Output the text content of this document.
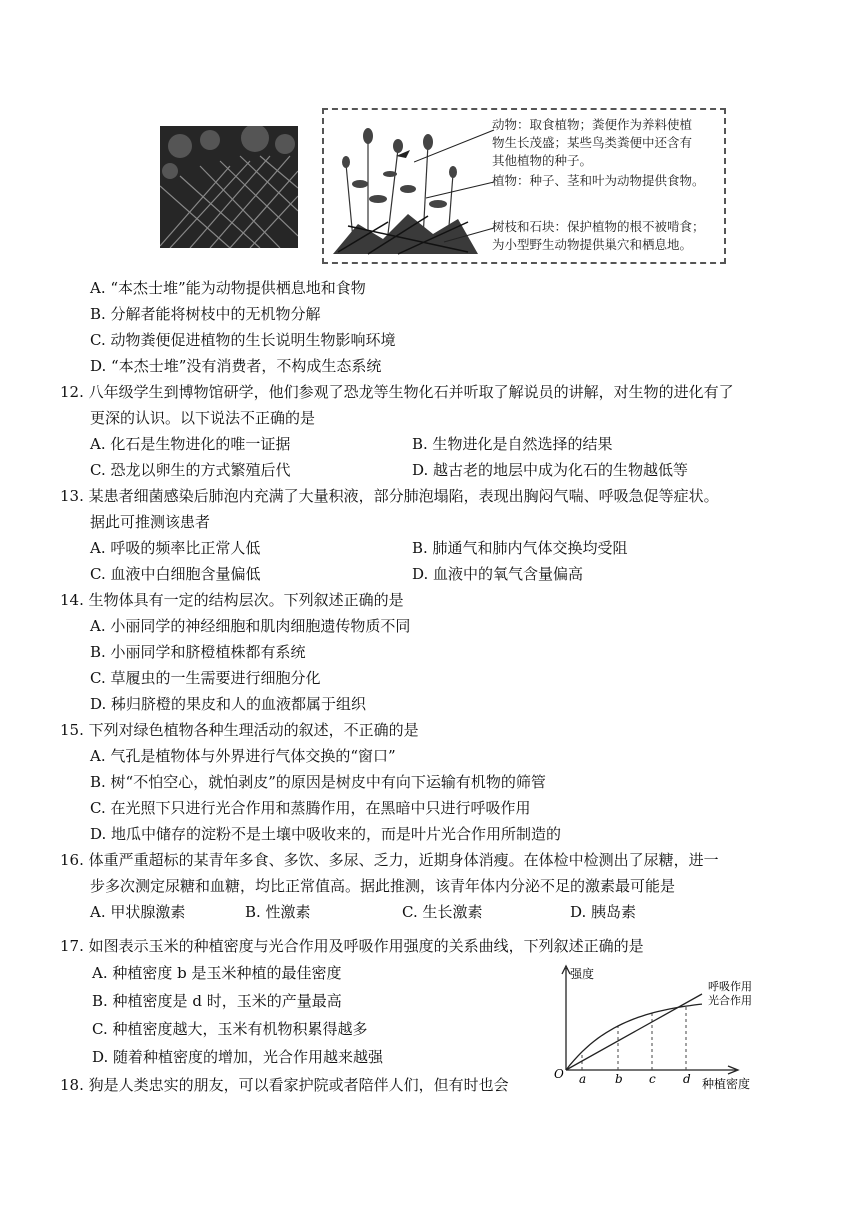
动物：取食植物；粪便作为养料使植
物生长茂盛；某些鸟类粪便中还含有
其他植物的种子。
植物：种子、茎和叶为动物提供食物。
树枝和石块：保护植物的根不被啃食；
为小型野生动物提供巢穴和栖息地。
A. “本杰士堆”能为动物提供栖息地和食物
B. 分解者能将树枝中的无机物分解
C. 动物粪便促进植物的生长说明生物影响环境
D. “本杰士堆”没有消费者，不构成生态系统
12. 八年级学生到博物馆研学，他们参观了恐龙等生物化石并听取了解说员的讲解，对生物的进化有了
更深的认识。以下说法不正确的是
A. 化石是生物进化的唯一证据	B. 生物进化是自然选择的结果
C. 恐龙以卵生的方式繁殖后代	D. 越古老的地层中成为化石的生物越低等
13. 某患者细菌感染后肺泡内充满了大量积液，部分肺泡塌陷，表现出胸闷气喘、呼吸急促等症状。
据此可推测该患者
A. 呼吸的频率比正常人低	B. 肺通气和肺内气体交换均受阻
C. 血液中白细胞含量偏低	D. 血液中的氧气含量偏高
14. 生物体具有一定的结构层次。下列叙述正确的是
A. 小丽同学的神经细胞和肌肉细胞遗传物质不同
B. 小丽同学和脐橙植株都有系统
C. 草履虫的一生需要进行细胞分化
D. 秭归脐橙的果皮和人的血液都属于组织
15. 下列对绿色植物各种生理活动的叙述，不正确的是
A. 气孔是植物体与外界进行气体交换的“窗口”
B. 树“不怕空心，就怕剥皮”的原因是树皮中有向下运输有机物的筛管
C. 在光照下只进行光合作用和蒸腾作用，在黑暗中只进行呼吸作用
D. 地瓜中储存的淀粉不是土壤中吸收来的，而是叶片光合作用所制造的
16. 体重严重超标的某青年多食、多饮、多尿、乏力，近期身体消瘦。在体检中检测出了尿糖，进一
步多次测定尿糖和血糖，均比正常值高。据此推测，该青年体内分泌不足的激素最可能是
A. 甲状腺激素	B. 性激素	C. 生长激素	D. 胰岛素
17. 如图表示玉米的种植密度与光合作用及呼吸作用强度的关系曲线，下列叙述正确的是
A. 种植密度 b 是玉米种植的最佳密度
B. 种植密度是 d 时，玉米的产量最高
C. 种植密度越大，玉米有机物积累得越多
D. 随着种植密度的增加，光合作用越来越强
强度
种植密度
O a b c d
呼吸作用
光合作用
18. 狗是人类忠实的朋友，可以看家护院或者陪伴人们，但有时也会
